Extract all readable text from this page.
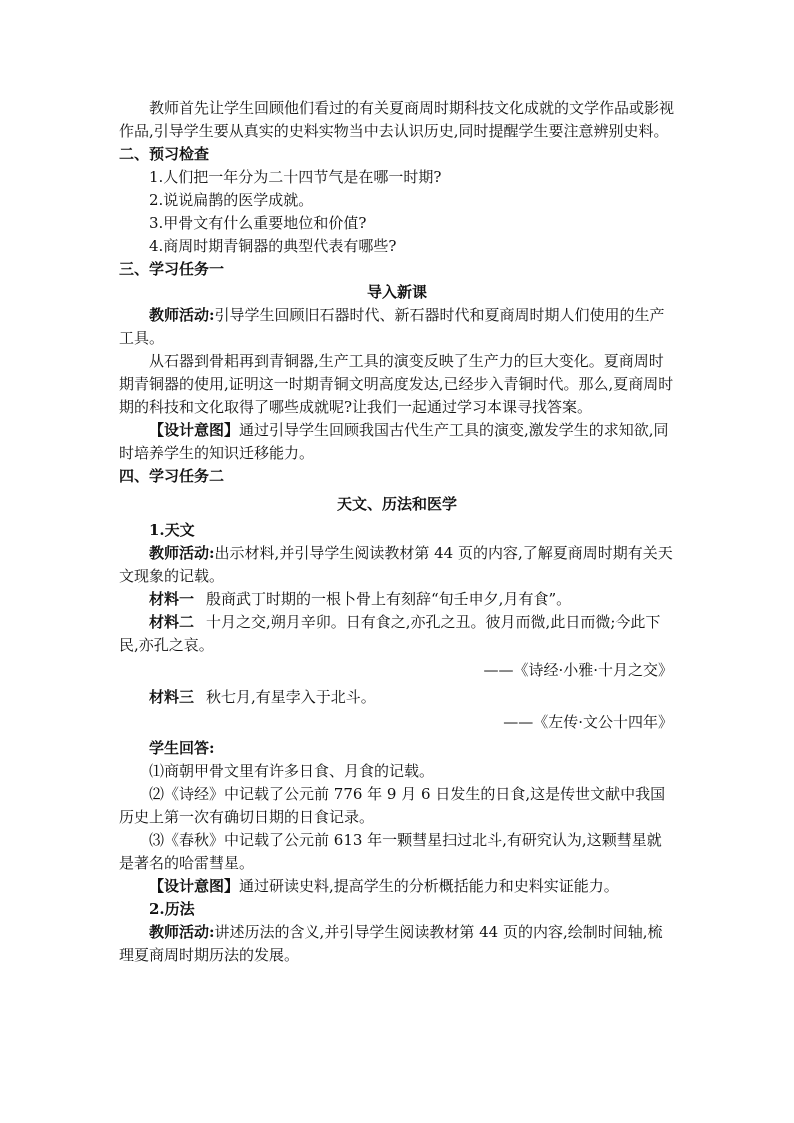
教师首先让学生回顾他们看过的有关夏商周时期科技文化成就的文学作品或影视作品,引导学生要从真实的史料实物当中去认识历史,同时提醒学生要注意辨别史料。

二、预习检查

1.人们把一年分为二十四节气是在哪一时期?

2.说说扁鹊的医学成就。

3.甲骨文有什么重要地位和价值?

4.商周时期青铜器的典型代表有哪些?

三、学习任务一

导入新课

教师活动:引导学生回顾旧石器时代、新石器时代和夏商周时期人们使用的生产工具。

从石器到骨耜再到青铜器,生产工具的演变反映了生产力的巨大变化。夏商周时期青铜器的使用,证明这一时期青铜文明高度发达,已经步入青铜时代。那么,夏商周时期的科技和文化取得了哪些成就呢?让我们一起通过学习本课寻找答案。

【设计意图】通过引导学生回顾我国古代生产工具的演变,激发学生的求知欲,同时培养学生的知识迁移能力。

四、学习任务二

天文、历法和医学

1.天文

教师活动:出示材料,并引导学生阅读教材第 44 页的内容,了解夏商周时期有关天文现象的记载。

材料一 殷商武丁时期的一根卜骨上有刻辞“旬壬申夕,月有食”。

材料二 十月之交,朔月辛卯。日有食之,亦孔之丑。彼月而微,此日而微;今此下民,亦孔之哀。

——《诗经·小雅·十月之交》

材料三 秋七月,有星孛入于北斗。

——《左传·文公十四年》

学生回答:

⑴商朝甲骨文里有许多日食、月食的记载。

⑵《诗经》中记载了公元前 776 年 9 月 6 日发生的日食,这是传世文献中我国历史上第一次有确切日期的日食记录。

⑶《春秋》中记载了公元前 613 年一颗彗星扫过北斗,有研究认为,这颗彗星就是著名的哈雷彗星。

【设计意图】通过研读史料,提高学生的分析概括能力和史料实证能力。

2.历法

教师活动:讲述历法的含义,并引导学生阅读教材第 44 页的内容,绘制时间轴,梳理夏商周时期历法的发展。
